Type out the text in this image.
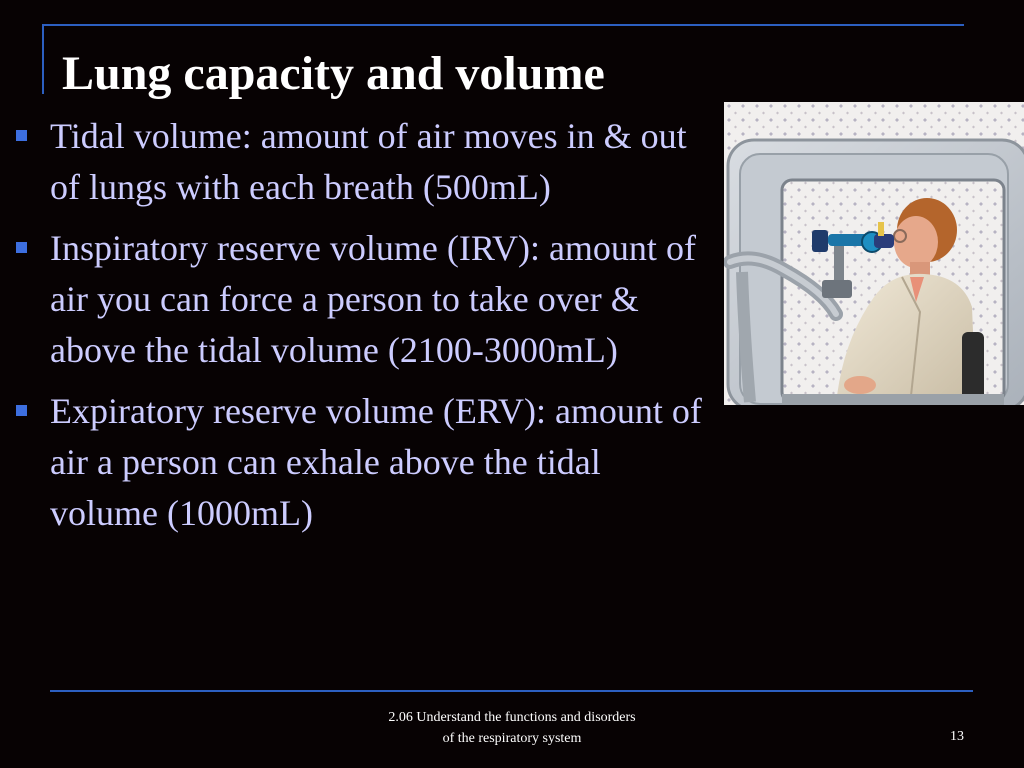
Lung capacity and volume
Tidal volume: amount of air moves in & out of lungs with each breath (500mL)
Inspiratory reserve volume (IRV): amount of air you can force a person to take over & above the tidal volume (2100-3000mL)
Expiratory reserve volume (ERV): amount of air a person can exhale above the tidal volume (1000mL)
2.06 Understand the functions and disorders
of the respiratory system	13
